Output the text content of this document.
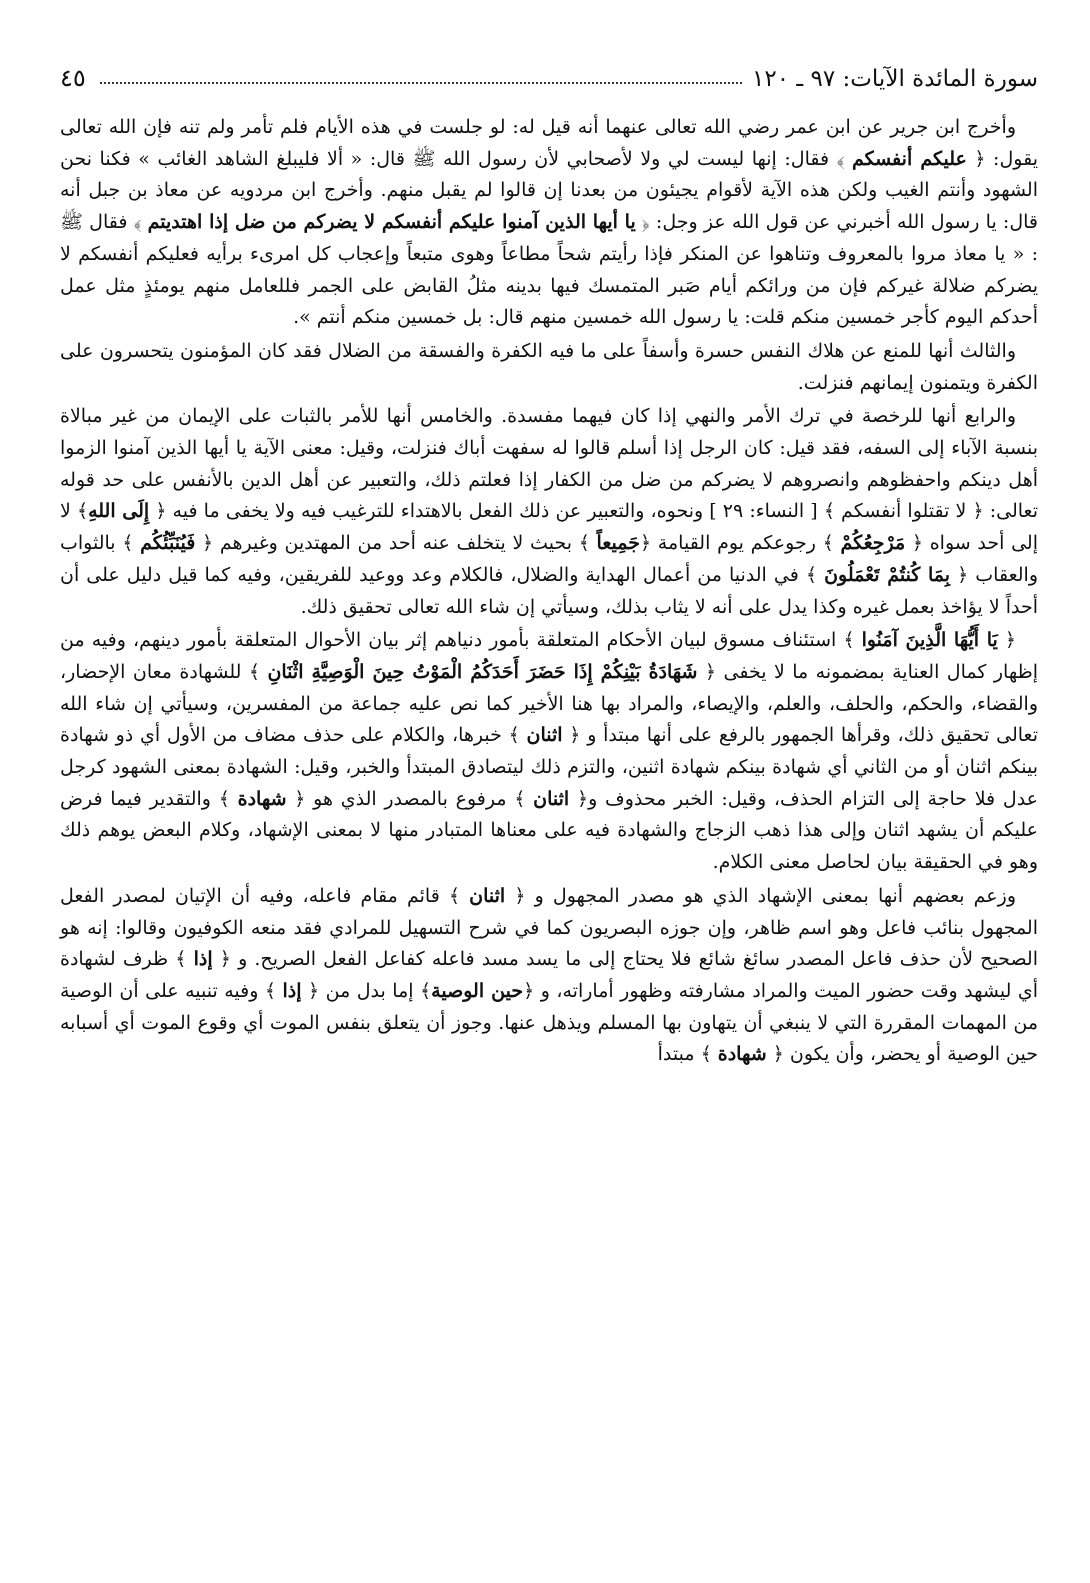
سورة المائدة الآيات: ٩٧ ـ ١٢٠
٤٥

وأخرج ابن جرير عن ابن عمر رضي الله تعالى عنهما أنه قيل له: لو جلست في هذه الأيام فلم تأمر ولم تنه فإن الله تعالى يقول: ﴿ عليكم أنفسكم ﴾ فقال: إنها ليست لي ولا لأصحابي لأن رسول الله ﷺ قال: « ألا فليبلغ الشاهد الغائب » فكنا نحن الشهود وأنتم الغيب ولكن هذه الآية لأقوام يجيئون من بعدنا إن قالوا لم يقبل منهم. وأخرج ابن مردويه عن معاذ بن جبل أنه قال: يا رسول الله أخبرني عن قول الله عز وجل: ﴿ يا أيها الذين آمنوا عليكم أنفسكم لا يضركم من ضل إذا اهتديتم ﴾ فقال ﷺ : « يا معاذ مروا بالمعروف وتناهوا عن المنكر فإذا رأيتم شحاً مطاعاً وهوى متبعاً وإعجاب كل امرىء برأيه فعليكم أنفسكم لا يضركم ضلالة غيركم فإن من ورائكم أيام صَبر المتمسك فيها بدينه مثلُ القابض على الجمر فللعامل منهم يومئذٍ مثل عمل أحدكم اليوم كأجر خمسين منكم قلت: يا رسول الله خمسين منهم قال: بل خمسين منكم أنتم ».

والثالث أنها للمنع عن هلاك النفس حسرة وأسفاً على ما فيه الكفرة والفسقة من الضلال فقد كان المؤمنون يتحسرون على الكفرة ويتمنون إيمانهم فنزلت.

والرابع أنها للرخصة في ترك الأمر والنهي إذا كان فيهما مفسدة. والخامس أنها للأمر بالثبات على الإيمان من غير مبالاة بنسبة الآباء إلى السفه، فقد قيل: كان الرجل إذا أسلم قالوا له سفهت أباك فنزلت، وقيل: معنى الآية يا أيها الذين آمنوا الزموا أهل دينكم واحفظوهم وانصروهم لا يضركم من ضل من الكفار إذا فعلتم ذلك، والتعبير عن أهل الدين بالأنفس على حد قوله تعالى: ﴿ لا تقتلوا أنفسكم ﴾ [ النساء: ٢٩ ] ونحوه، والتعبير عن ذلك الفعل بالاهتداء للترغيب فيه ولا يخفى ما فيه ﴿ إِلَى اللهِ﴾ لا إلى أحد سواه ﴿ مَرْجِعُكُمْ ﴾ رجوعكم يوم القيامة ﴿جَمِيعاً ﴾ بحيث لا يتخلف عنه أحد من المهتدين وغيرهم ﴿ فَيُنَبِّئُكُم ﴾ بالثواب والعقاب ﴿ بِمَا كُنتُمْ تَعْمَلُونَ ﴾ في الدنيا من أعمال الهداية والضلال، فالكلام وعد ووعيد للفريقين، وفيه كما قيل دليل على أن أحداً لا يؤاخذ بعمل غيره وكذا يدل على أنه لا يثاب بذلك، وسيأتي إن شاء الله تعالى تحقيق ذلك.

﴿ يَا أَيُّهَا الَّذِينَ آمَنُوا ﴾ استئناف مسوق لبيان الأحكام المتعلقة بأمور دنياهم إثر بيان الأحوال المتعلقة بأمور دينهم، وفيه من إظهار كمال العناية بمضمونه ما لا يخفى ﴿ شَهَادَةُ بَيْنِكُمْ إِذَا حَضَرَ أَحَدَكُمُ الْمَوْتُ حِينَ الْوَصِيَّةِ اثْنَانِ ﴾ للشهادة معان الإحضار، والقضاء، والحكم، والحلف، والعلم، والإيصاء، والمراد بها هنا الأخير كما نص عليه جماعة من المفسرين، وسيأتي إن شاء الله تعالى تحقيق ذلك، وقرأها الجمهور بالرفع على أنها مبتدأ و ﴿ اثنان ﴾ خبرها، والكلام على حذف مضاف من الأول أي ذو شهادة بينكم اثنان أو من الثاني أي شهادة بينكم شهادة اثنين، والتزم ذلك ليتصادق المبتدأ والخبر، وقيل: الشهادة بمعنى الشهود كرجل عدل فلا حاجة إلى التزام الحذف، وقيل: الخبر محذوف و﴿ اثنان ﴾ مرفوع بالمصدر الذي هو ﴿ شهادة ﴾ والتقدير فيما فرض عليكم أن يشهد اثنان وإلى هذا ذهب الزجاج والشهادة فيه على معناها المتبادر منها لا بمعنى الإشهاد، وكلام البعض يوهم ذلك وهو في الحقيقة بيان لحاصل معنى الكلام.

وزعم بعضهم أنها بمعنى الإشهاد الذي هو مصدر المجهول و ﴿ اثنان ﴾ قائم مقام فاعله، وفيه أن الإتيان لمصدر الفعل المجهول بنائب فاعل وهو اسم ظاهر، وإن جوزه البصريون كما في شرح التسهيل للمرادي فقد منعه الكوفيون وقالوا: إنه هو الصحيح لأن حذف فاعل المصدر سائغ شائع فلا يحتاج إلى ما يسد مسد فاعله كفاعل الفعل الصريح. و ﴿ إذا ﴾ ظرف لشهادة أي ليشهد وقت حضور الميت والمراد مشارفته وظهور أماراته، و ﴿حين الوصية﴾ إما بدل من ﴿ إذا ﴾ وفيه تنبيه على أن الوصية من المهمات المقررة التي لا ينبغي أن يتهاون بها المسلم ويذهل عنها. وجوز أن يتعلق بنفس الموت أي وقوع الموت أي أسبابه حين الوصية أو يحضر، وأن يكون ﴿ شهادة ﴾ مبتدأ
